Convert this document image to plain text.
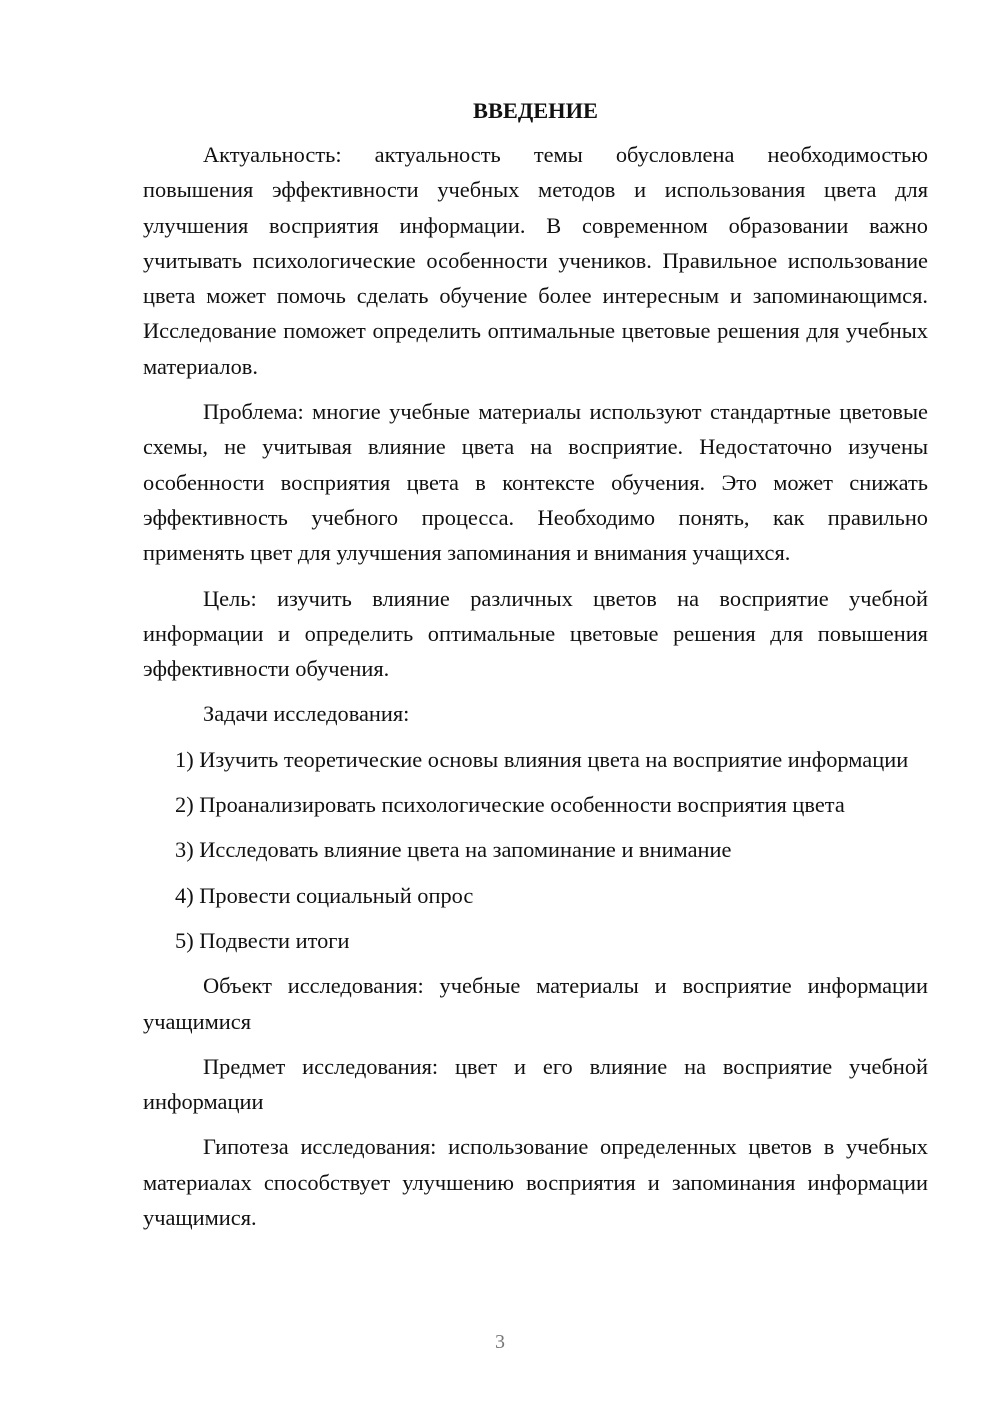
ВВЕДЕНИЕ

Актуальность: актуальность темы обусловлена необходимостью повышения эффективности учебных методов и использования цвета для улучшения восприятия информации. В современном образовании важно учитывать психологические особенности учеников. Правильное использование цвета может помочь сделать обучение более интересным и запоминающимся. Исследование поможет определить оптимальные цветовые решения для учебных материалов.

Проблема: многие учебные материалы используют стандартные цветовые схемы, не учитывая влияние цвета на восприятие. Недостаточно изучены особенности восприятия цвета в контексте обучения. Это может снижать эффективность учебного процесса. Необходимо понять, как правильно применять цвет для улучшения запоминания и внимания учащихся.

Цель: изучить влияние различных цветов на восприятие учебной информации и определить оптимальные цветовые решения для повышения эффективности обучения.

Задачи исследования:
1) Изучить теоретические основы влияния цвета на восприятие информации
2) Проанализировать психологические особенности восприятия цвета
3) Исследовать влияние цвета на запоминание и внимание
4) Провести социальный опрос
5) Подвести итоги

Объект исследования: учебные материалы и восприятие информации учащимися

Предмет исследования: цвет и его влияние на восприятие учебной информации

Гипотеза исследования: использование определенных цветов в учебных материалах способствует улучшению восприятия и запоминания информации учащимися.

3
